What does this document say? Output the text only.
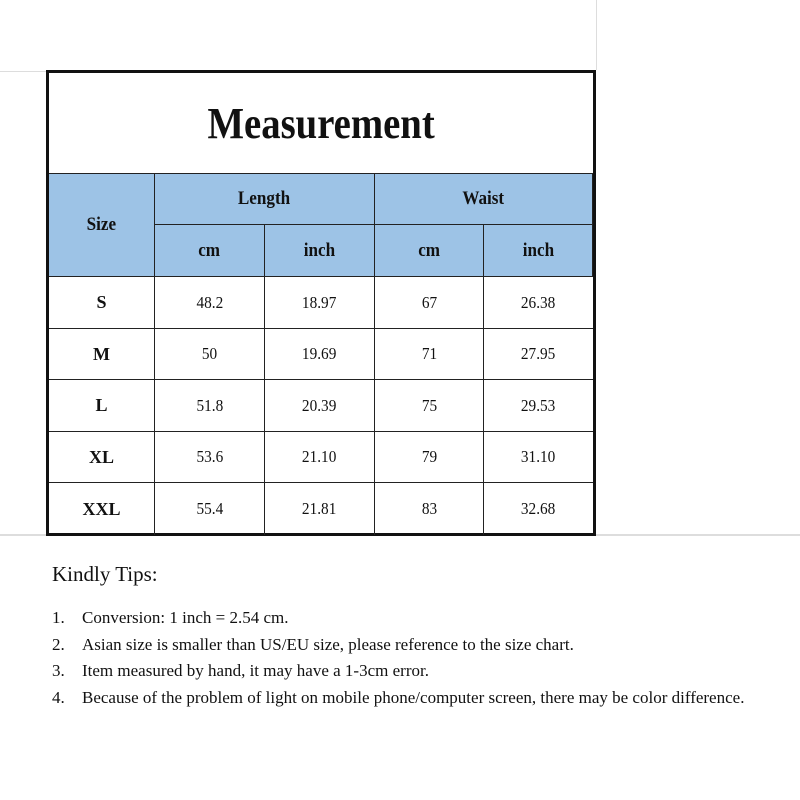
Measurement
Size
Length	Waist
cm	inch	cm	inch
S	48.2	18.97	67	26.38
M	50	19.69	71	27.95
L	51.8	20.39	75	29.53
XL	53.6	21.10	79	31.10
XXL	55.4	21.81	83	32.68
Kindly Tips:
1. Conversion: 1 inch = 2.54 cm.
2. Asian size is smaller than US/EU size, please reference to the size chart.
3. Item measured by hand, it may have a 1-3cm error.
4. Because of the problem of light on mobile phone/computer screen, there may be color difference.
